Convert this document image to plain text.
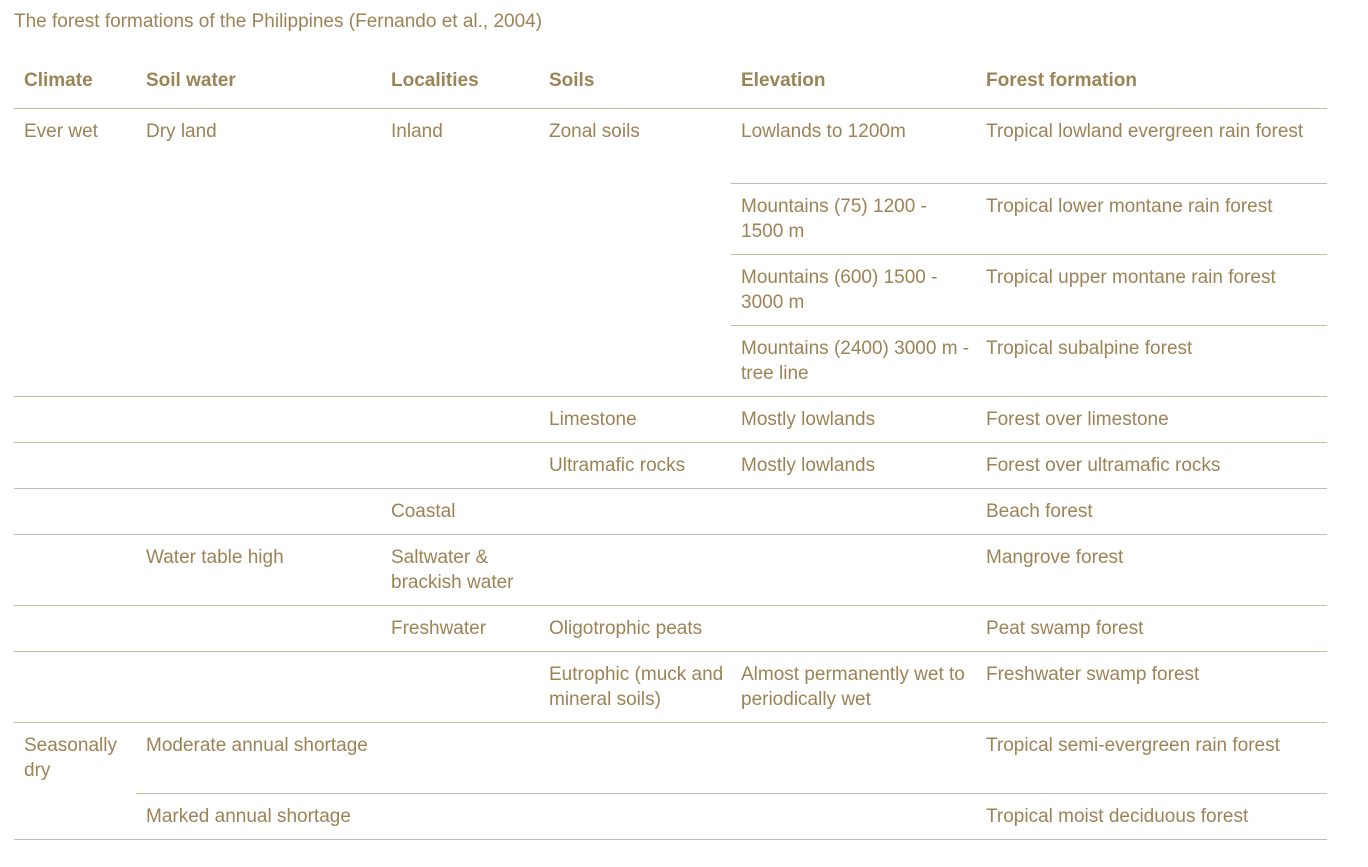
The forest formations of the Philippines (Fernando et al., 2004)
Climate	Soil water	Localities	Soils	Elevation	Forest formation
Ever wet	Dry land	Inland	Zonal soils	Lowlands to 1200m	Tropical lowland evergreen rain forest
				Mountains (75) 1200 - 1500 m	Tropical lower montane rain forest
				Mountains (600) 1500 - 3000 m	Tropical upper montane rain forest
				Mountains (2400) 3000 m - tree line	Tropical subalpine forest
			Limestone	Mostly lowlands	Forest over limestone
			Ultramafic rocks	Mostly lowlands	Forest over ultramafic rocks
		Coastal			Beach forest
	Water table high	Saltwater & brackish water			Mangrove forest
		Freshwater	Oligotrophic peats		Peat swamp forest
			Eutrophic (muck and mineral soils)	Almost permanently wet to periodically wet	Freshwater swamp forest
Seasonally dry	Moderate annual shortage				Tropical semi-evergreen rain forest
	Marked annual shortage				Tropical moist deciduous forest
